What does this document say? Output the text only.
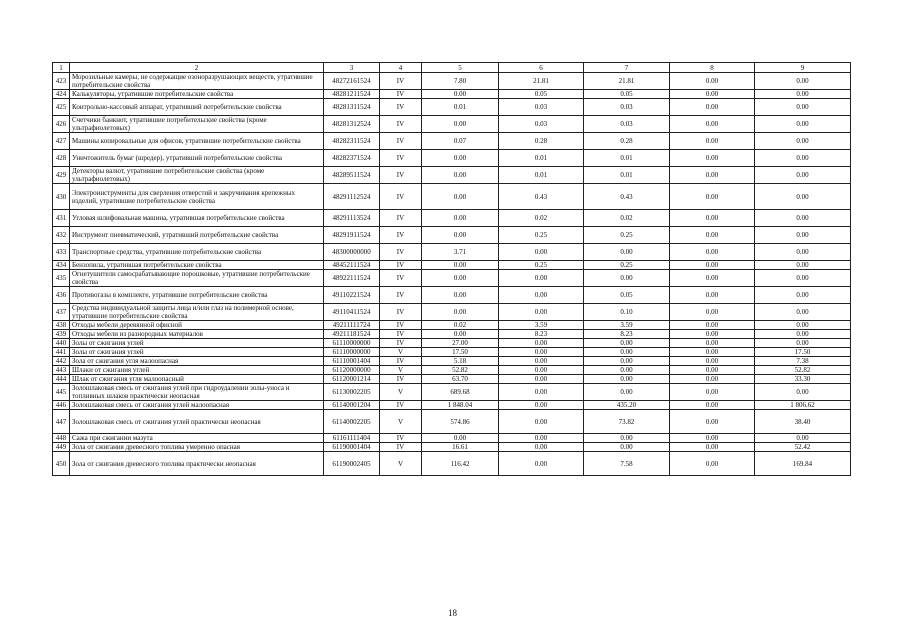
1	2	3	4	5	6	7	8	9
423	Морозильные камеры, не содержащие озоноразрушающих веществ, утратившие потребительские свойства	48272161524	IV	7.80	21.81	21.81	0.00	0.00
424	Калькуляторы, утратившие потребительские свойства	48281211524	IV	0.00	0.05	0.05	0.00	0.00
425	Контрольно-кассовый аппарат, утративший потребительские свойства	48281311524	IV	0.01	0.03	0.03	0.00	0.00
426	Счетчики банкнот, утратившие потребительские свойства (кроме ультрафиолетовых)	48281312524	IV	0.00	0.03	0.03	0.00	0.00
427	Машины копировальные для офисов, утратившие потребительские свойства	48282311524	IV	0.07	0.28	0.28	0.00	0.00
428	Уничтожитель бумаг (шредер), утративший потребительские свойства	48282371524	IV	0.00	0.01	0.01	0.00	0.00
429	Детекторы валют, утратившие потребительские свойства (кроме ультрафиолетовых)	48289511524	IV	0.00	0.01	0.01	0.00	0.00
430	Электроинструменты для сверления отверстий и закручивания крепежных изделий, утратившие потребительские свойства	48291112524	IV	0.00	0.43	0.43	0.00	0.00
431	Угловая шлифовальная машина, утратившая потребительские свойства	48291113524	IV	0.00	0.02	0.02	0.00	0.00
432	Инструмент пневматический, утративший потребительские свойства	48291911524	IV	0.00	0.25	0.25	0.00	0.00
433	Транспортные средства, утратившие потребительские свойства	48300000000	IV	3.71	0.00	0.00	0.00	0.00
434	Бензопила, утратившая потребительские свойства	48452111524	IV	0.00	0.25	0.25	0.00	0.00
435	Огнетушители самосрабатывающие порошковые, утратившие потребительские свойства	48922111524	IV	0.00	0.00	0.00	0.00	0.00
436	Противогазы в комплекте, утратившие потребительские свойства	49110221524	IV	0.00	0.00	0.05	0.00	0.00
437	Средства индивидуальной защиты лица и/или глаз на полимерной основе, утратившие потребительские свойства	49110411524	IV	0.00	0.00	0.10	0.00	0.00
438	Отходы мебели деревянной офисной	49211111724	IV	0.02	3.59	3.59	0.00	0.00
439	Отходы мебели из разнородных материалов	49211181524	IV	0.00	8.23	8.23	0.00	0.00
440	Золы от сжигания углей	61110000000	IV	27.00	0.00	0.00	0.00	0.00
441	Золы от сжигания углей	61110000000	V	17.50	0.00	0.00	0.00	17.50
442	Зола от сжигания угля малоопасная	61110001404	IV	5.18	0.00	0.00	0.00	7.38
443	Шлаки от сжигания углей	61120000000	V	52.82	0.00	0.00	0.00	52.82
444	Шлак от сжигания угля малоопасный	61120001214	IV	63.70	0.00	0.00	0.00	33.30
445	Золошлаковая смесь от сжигания углей при гидроудалении золы-уноса и топливных шлаков практически неопасная	61130002205	V	689.68	0.00	0.00	0.00	0.00
446	Золошлаковая смесь от сжигания углей малоопасная	61140001204	IV	1 848.04	0.00	435.20	0.00	1 806.62
447	Золошлаковая смесь от сжигания углей практически неопасная	61140002205	V	574.86	0.00	73.82	0.00	38.40
448	Сажа при сжигании мазута	61161111404	IV	0.00	0.00	0.00	0.00	0.00
449	Зола от сжигания древесного топлива умеренно опасная	61190001404	IV	16.61	0.00	0.00	0.00	52.42
450	Зола от сжигания древесного топлива практически неопасная	61190002405	V	116.42	0.00	7.58	0.00	169.84
18
